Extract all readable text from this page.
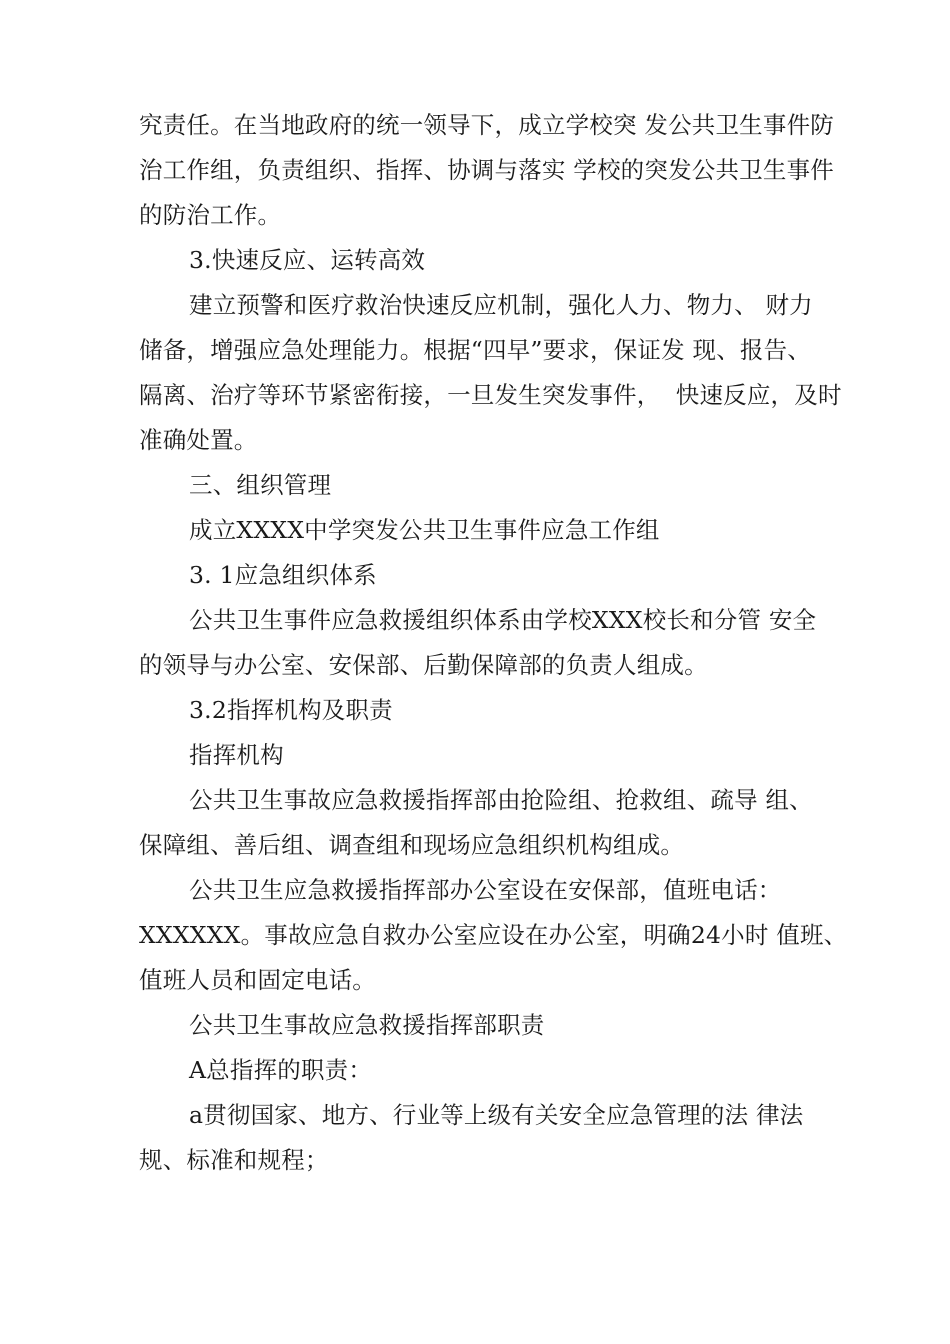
究责任。在当地政府的统一领导下，成立学校突 发公共卫生事件防
治工作组，负责组织、指挥、协调与落实 学校的突发公共卫生事件
的防治工作。
3.快速反应、运转高效
建立预警和医疗救治快速反应机制，强化人力、物力、 财力
储备，增强应急处理能力。根据“四早”要求，保证发 现、报告、
隔离、治疗等环节紧密衔接，一旦发生突发事件，  快速反应，及时
准确处置。
三、组织管理
成立XXXX中学突发公共卫生事件应急工作组
3. 1应急组织体系
公共卫生事件应急救援组织体系由学校XXX校长和分管 安全
的领导与办公室、安保部、后勤保障部的负责人组成。
3.2指挥机构及职责
指挥机构
公共卫生事故应急救援指挥部由抢险组、抢救组、疏导 组、
保障组、善后组、调查组和现场应急组织机构组成。
公共卫生应急救援指挥部办公室设在安保部，值班电话：
XXXXXX。事故应急自救办公室应设在办公室，明确24小时 值班、
值班人员和固定电话。
公共卫生事故应急救援指挥部职责
A总指挥的职责：
a贯彻国家、地方、行业等上级有关安全应急管理的法 律法
规、标准和规程；
